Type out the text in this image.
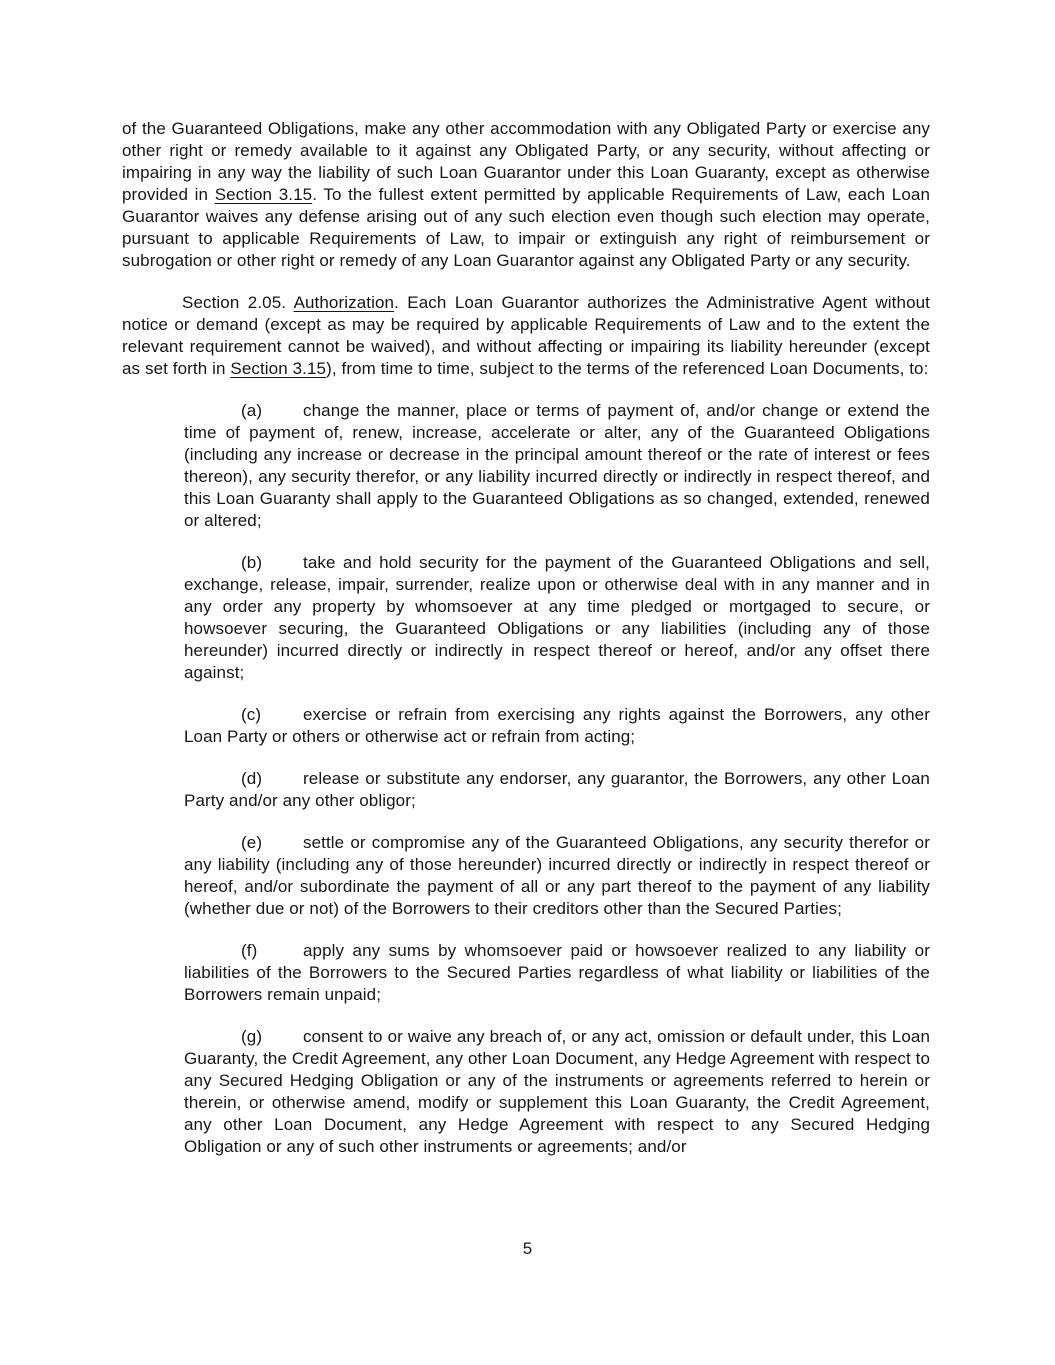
of the Guaranteed Obligations, make any other accommodation with any Obligated Party or exercise any other right or remedy available to it against any Obligated Party, or any security, without affecting or impairing in any way the liability of such Loan Guarantor under this Loan Guaranty, except as otherwise provided in Section 3.15. To the fullest extent permitted by applicable Requirements of Law, each Loan Guarantor waives any defense arising out of any such election even though such election may operate, pursuant to applicable Requirements of Law, to impair or extinguish any right of reimbursement or subrogation or other right or remedy of any Loan Guarantor against any Obligated Party or any security.

Section 2.05. Authorization. Each Loan Guarantor authorizes the Administrative Agent without notice or demand (except as may be required by applicable Requirements of Law and to the extent the relevant requirement cannot be waived), and without affecting or impairing its liability hereunder (except as set forth in Section 3.15), from time to time, subject to the terms of the referenced Loan Documents, to:

(a) change the manner, place or terms of payment of, and/or change or extend the time of payment of, renew, increase, accelerate or alter, any of the Guaranteed Obligations (including any increase or decrease in the principal amount thereof or the rate of interest or fees thereon), any security therefor, or any liability incurred directly or indirectly in respect thereof, and this Loan Guaranty shall apply to the Guaranteed Obligations as so changed, extended, renewed or altered;

(b) take and hold security for the payment of the Guaranteed Obligations and sell, exchange, release, impair, surrender, realize upon or otherwise deal with in any manner and in any order any property by whomsoever at any time pledged or mortgaged to secure, or howsoever securing, the Guaranteed Obligations or any liabilities (including any of those hereunder) incurred directly or indirectly in respect thereof or hereof, and/or any offset there against;

(c) exercise or refrain from exercising any rights against the Borrowers, any other Loan Party or others or otherwise act or refrain from acting;

(d) release or substitute any endorser, any guarantor, the Borrowers, any other Loan Party and/or any other obligor;

(e) settle or compromise any of the Guaranteed Obligations, any security therefor or any liability (including any of those hereunder) incurred directly or indirectly in respect thereof or hereof, and/or subordinate the payment of all or any part thereof to the payment of any liability (whether due or not) of the Borrowers to their creditors other than the Secured Parties;

(f)	apply any sums by whomsoever paid or howsoever realized to any liability or liabilities of the Borrowers to the Secured Parties regardless of what liability or liabilities of the Borrowers remain unpaid;

(g) consent to or waive any breach of, or any act, omission or default under, this Loan Guaranty, the Credit Agreement, any other Loan Document, any Hedge Agreement with respect to any Secured Hedging Obligation or any of the instruments or agreements referred to herein or therein, or otherwise amend, modify or supplement this Loan Guaranty, the Credit Agreement, any other Loan Document, any Hedge Agreement with respect to any Secured Hedging Obligation or any of such other instruments or agreements; and/or

5
